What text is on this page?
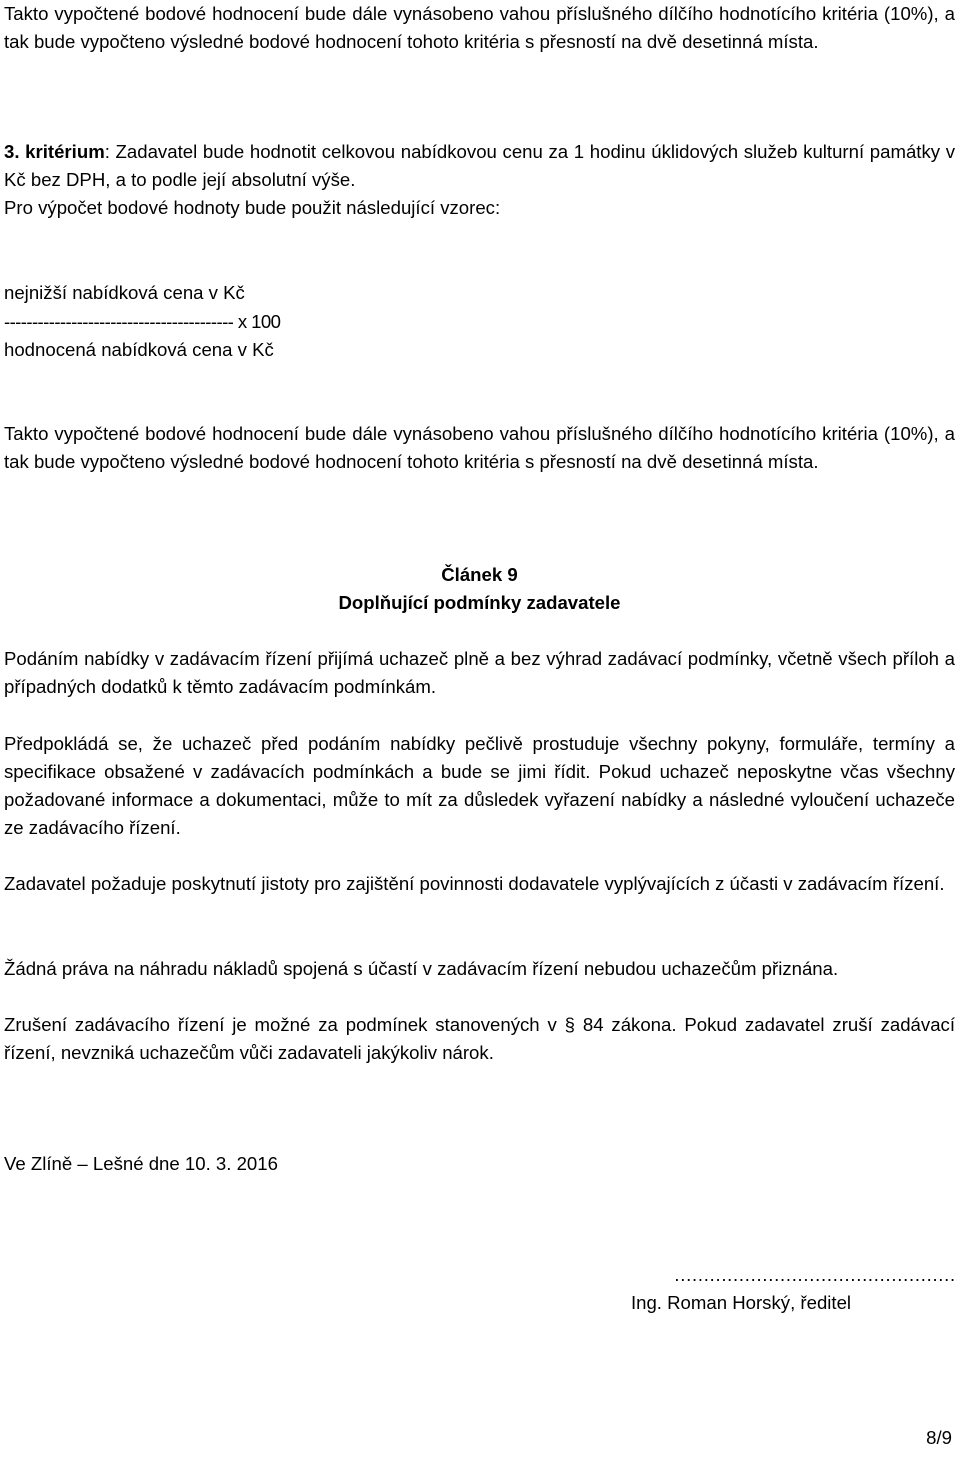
Takto vypočtené bodové hodnocení bude dále vynásobeno vahou příslušného dílčího hodnotícího kritéria (10%), a tak bude vypočteno výsledné bodové hodnocení tohoto kritéria s přesností na dvě desetinná místa.

3. kritérium: Zadavatel bude hodnotit celkovou nabídkovou cenu za 1 hodinu úklidových služeb kulturní památky v Kč bez DPH, a to podle její absolutní výše.

Pro výpočet bodové hodnoty bude použit následující vzorec:

nejnižší nabídková cena v Kč

----------------------------------------- x 100

hodnocená nabídková cena v Kč

Takto vypočtené bodové hodnocení bude dále vynásobeno vahou příslušného dílčího hodnotícího kritéria (10%), a tak bude vypočteno výsledné bodové hodnocení tohoto kritéria s přesností na dvě desetinná místa.

Článek 9

Doplňující podmínky zadavatele

Podáním nabídky v zadávacím řízení přijímá uchazeč plně a bez výhrad zadávací podmínky, včetně všech příloh a případných dodatků k těmto zadávacím podmínkám.

Předpokládá se, že uchazeč před podáním nabídky pečlivě prostuduje všechny pokyny, formuláře, termíny a specifikace obsažené v zadávacích podmínkách a bude se jimi řídit. Pokud uchazeč neposkytne včas všechny požadované informace a dokumentaci, může to mít za důsledek vyřazení nabídky a následné vyloučení uchazeče ze zadávacího řízení.

Zadavatel požaduje poskytnutí jistoty pro zajištění povinnosti dodavatele vyplývajících z účasti v zadávacím řízení.

Žádná práva na náhradu nákladů spojená s účastí v zadávacím řízení nebudou uchazečům přiznána.

Zrušení zadávacího řízení je možné za podmínek stanovených v § 84 zákona. Pokud zadavatel zruší zadávací řízení, nevzniká uchazečům vůči zadavateli jakýkoliv nárok.

Ve Zlíně – Lešné dne 10. 3. 2016

…………………………………………
Ing. Roman Horský, ředitel
8/9
